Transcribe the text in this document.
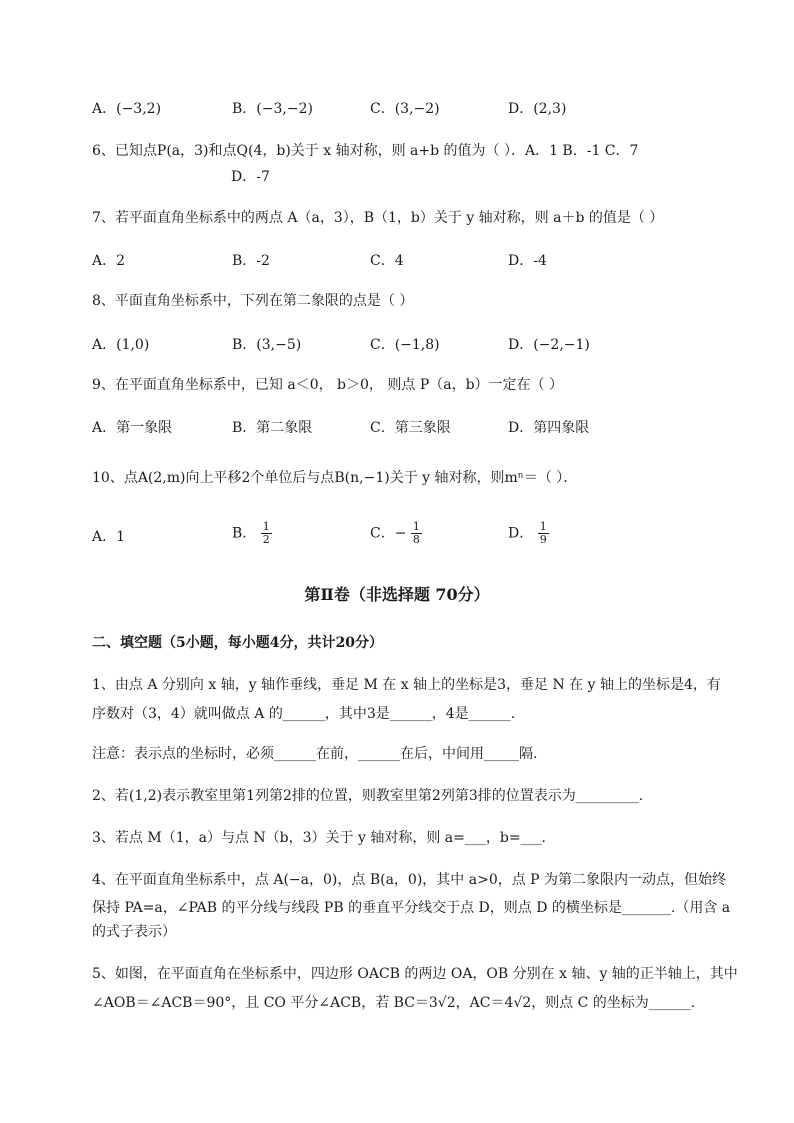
A．(−3,2)	B．(−3,−2)	C．(3,−2)	D．(2,3)
6、已知点P(a，3)和点Q(4，b)关于 x 轴对称，则 a+b 的值为（ ）．A．1 B．-1 C．7
D．-7
7、若平面直角坐标系中的两点 A（a，3），B（1，b）关于 y 轴对称，则 a＋b 的值是（ ）
A．2	B．-2	C．4	D．-4
8、平面直角坐标系中，下列在第二象限的点是（ ）
A．(1,0)	B．(3,−5)	C．(−1,8)	D．(−2,−1)
9、在平面直角坐标系中，已知 a＜0， b＞0， 则点 P（a，b）一定在（ ）
A．第一象限	B．第二象限	C．第三象限	D．第四象限
10、点A(2,m)向上平移2个单位后与点B(n,−1)关于 y 轴对称，则mⁿ＝（ ）．
A．1	B． $\frac{1}{2}$	C．− $\frac{1}{8}$	D． $\frac{1}{9}$
第Ⅱ卷（非选择题 70分）
二、填空题（5小题，每小题4分，共计20分）
1、由点 A 分别向 x 轴，y 轴作垂线，垂足 M 在 x 轴上的坐标是3，垂足 N 在 y 轴上的坐标是4，有
序数对（3，4）就叫做点 A 的______，其中3是______，4是______.
注意：表示点的坐标时，必须______在前，______在后，中间用_____隔.
2、若(1,2)表示教室里第1列第2排的位置，则教室里第2列第3排的位置表示为_________.
3、若点 M（1，a）与点 N（b，3）关于 y 轴对称，则 a=___，b=___.
4、在平面直角坐标系中，点 A(−a，0)，点 B(a，0)，其中 a>0，点 P 为第二象限内一动点，但始终
保持 PA=a，∠PAB 的平分线与线段 PB 的垂直平分线交于点 D，则点 D 的横坐标是_______.（用含 a
的式子表示）
5、如图，在平面直角在坐标系中，四边形 OACB 的两边 OA，OB 分别在 x 轴、y 轴的正半轴上，其中
∠AOB＝∠ACB＝90°，且 CO 平分∠ACB，若 BC＝3√2，AC＝4√2，则点 C 的坐标为______.
